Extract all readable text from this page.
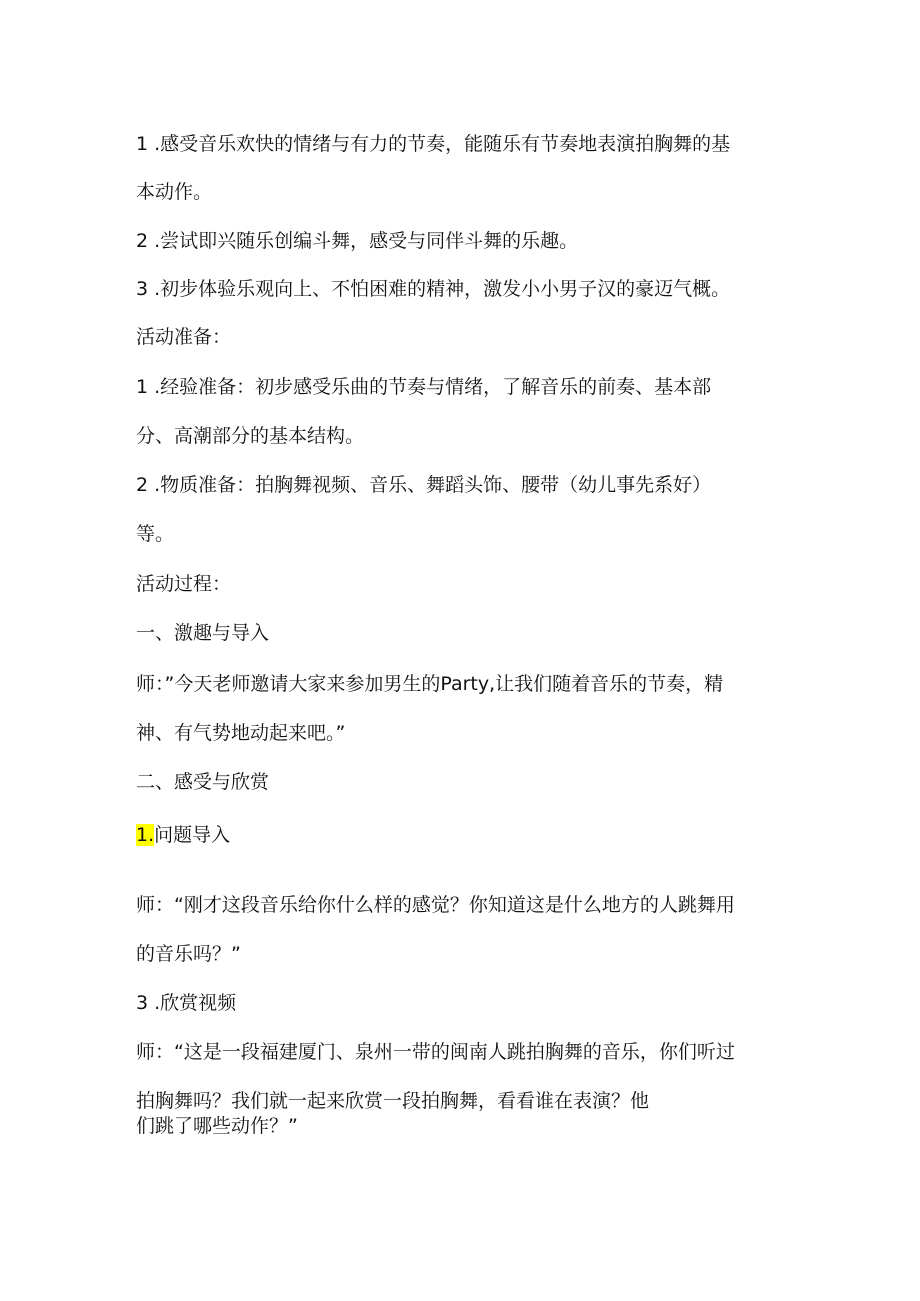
1 .感受音乐欢快的情绪与有力的节奏，能随乐有节奏地表演拍胸舞的基
本动作。
2 .尝试即兴随乐创编斗舞，感受与同伴斗舞的乐趣。
3 .初步体验乐观向上、不怕困难的精神，激发小小男子汉的豪迈气概。
活动准备：
1 .经验准备：初步感受乐曲的节奏与情绪，了解音乐的前奏、基本部
分、高潮部分的基本结构。
2 .物质准备：拍胸舞视频、音乐、舞蹈头饰、腰带（幼儿事先系好）
等。
活动过程：
一、激趣与导入
师：”今天老师邀请大家来参加男生的Party,让我们随着音乐的节奏，精
神、有气势地动起来吧。”
二、感受与欣赏
1.问题导入
师：“刚才这段音乐给你什么样的感觉？你知道这是什么地方的人跳舞用
的音乐吗？”
3 .欣赏视频
师：“这是一段福建厦门、泉州一带的闽南人跳拍胸舞的音乐，你们听过
拍胸舞吗？我们就一起来欣赏一段拍胸舞，看看谁在表演？他
们跳了哪些动作？”
